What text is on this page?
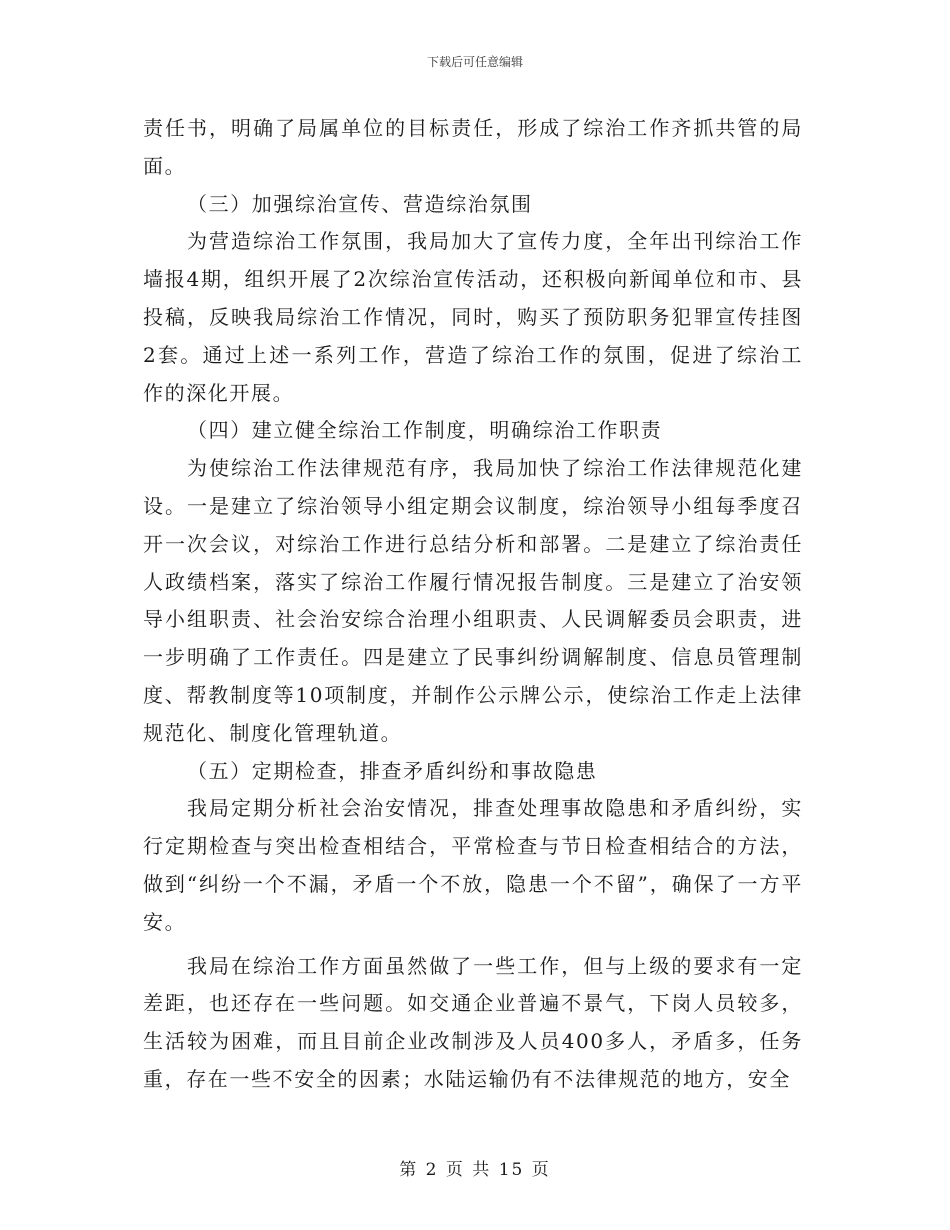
下载后可任意编辑

责任书，明确了局属单位的目标责任，形成了综治工作齐抓共管的局面。

（三）加强综治宣传、营造综治氛围

为营造综治工作氛围，我局加大了宣传力度，全年出刊综治工作墙报4期，组织开展了2次综治宣传活动，还积极向新闻单位和市、县投稿，反映我局综治工作情况，同时，购买了预防职务犯罪宣传挂图2套。通过上述一系列工作，营造了综治工作的氛围，促进了综治工作的深化开展。

（四）建立健全综治工作制度，明确综治工作职责

为使综治工作法律规范有序，我局加快了综治工作法律规范化建设。一是建立了综治领导小组定期会议制度，综治领导小组每季度召开一次会议，对综治工作进行总结分析和部署。二是建立了综治责任人政绩档案，落实了综治工作履行情况报告制度。三是建立了治安领导小组职责、社会治安综合治理小组职责、人民调解委员会职责，进一步明确了工作责任。四是建立了民事纠纷调解制度、信息员管理制度、帮教制度等10项制度，并制作公示牌公示，使综治工作走上法律规范化、制度化管理轨道。

（五）定期检查，排查矛盾纠纷和事故隐患

我局定期分析社会治安情况，排查处理事故隐患和矛盾纠纷，实行定期检查与突出检查相结合，平常检查与节日检查相结合的方法，做到“纠纷一个不漏，矛盾一个不放，隐患一个不留”，确保了一方平安。

我局在综治工作方面虽然做了一些工作，但与上级的要求有一定差距，也还存在一些问题。如交通企业普遍不景气，下岗人员较多，生活较为困难，而且目前企业改制涉及人员400多人，矛盾多，任务重，存在一些不安全的因素；水陆运输仍有不法律规范的地方，安全

第 2 页 共 15 页
